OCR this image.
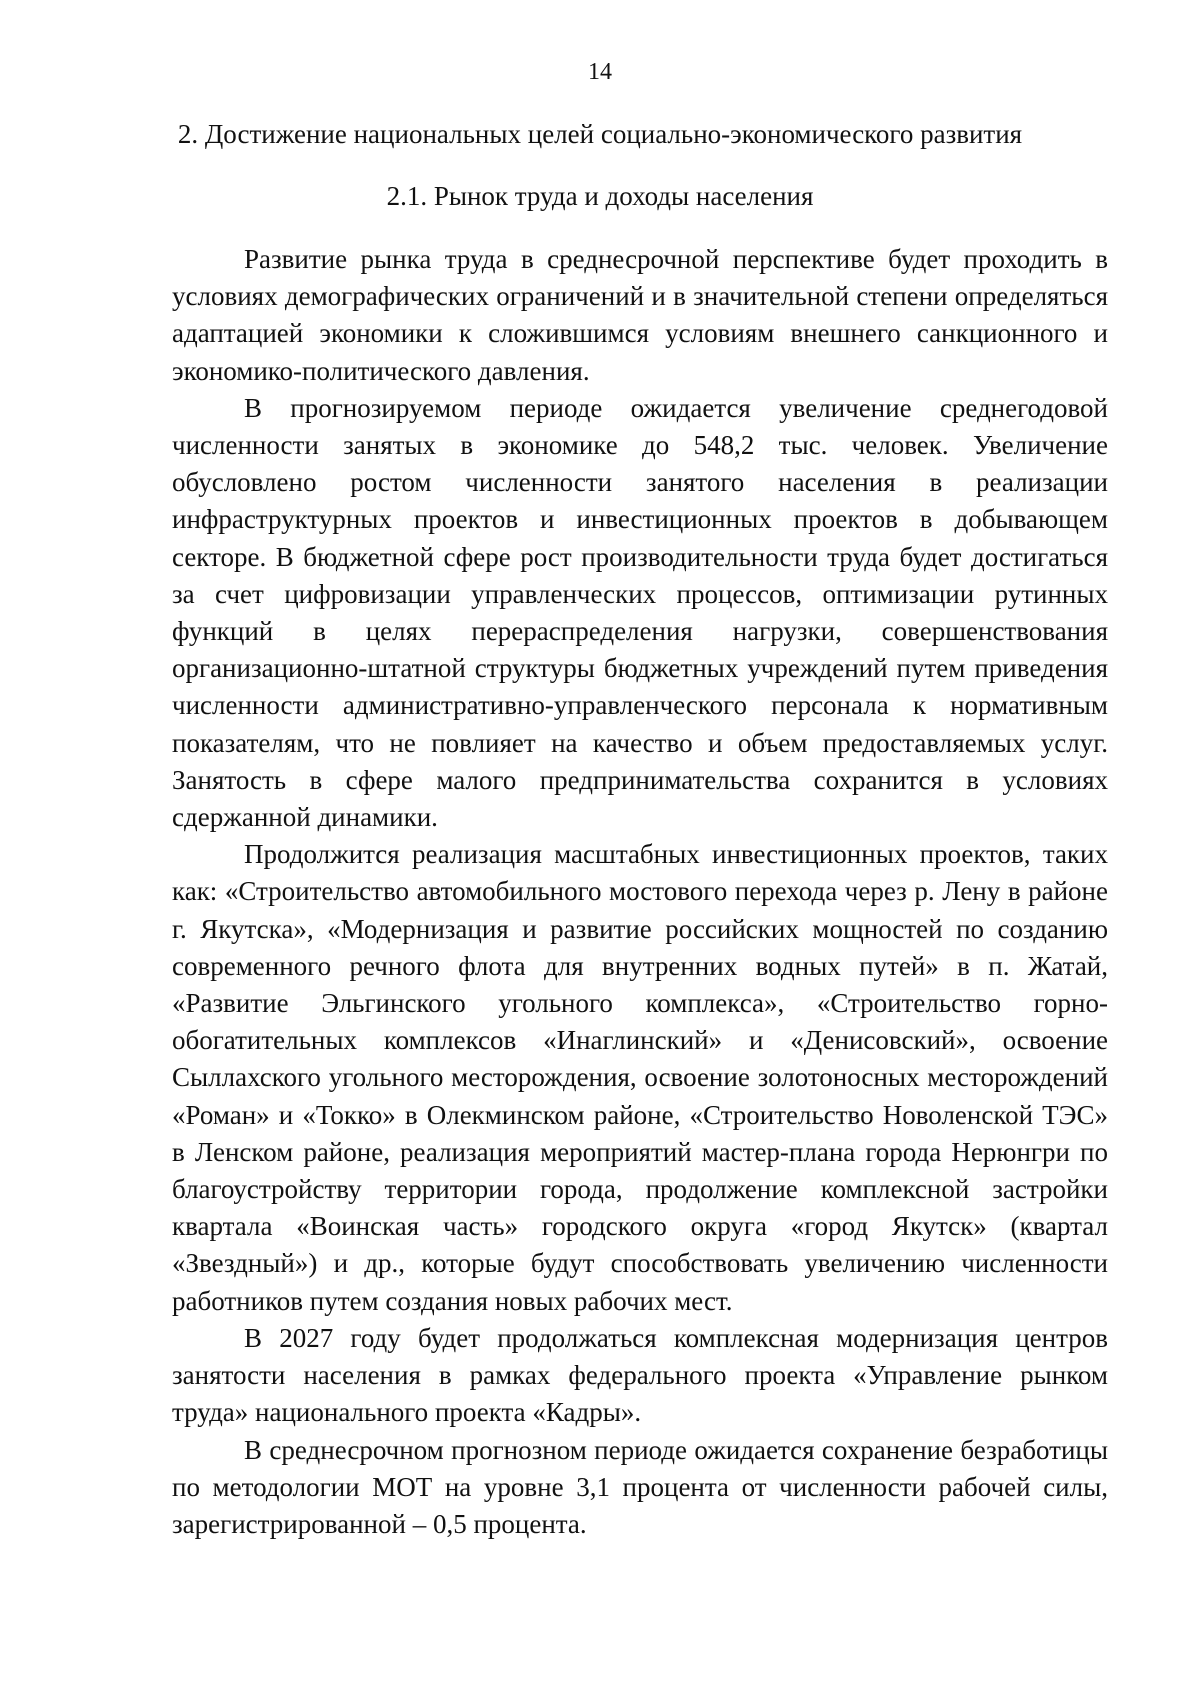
14
2. Достижение национальных целей социально-экономического развития
2.1. Рынок труда и доходы населения

Развитие рынка труда в среднесрочной перспективе будет проходить в условиях демографических ограничений и в значительной степени определяться адаптацией экономики к сложившимся условиям внешнего санкционного и экономико-политического давления.

В прогнозируемом периоде ожидается увеличение среднегодовой численности занятых в экономике до 548,2 тыс. человек. Увеличение обусловлено ростом численности занятого населения в реализации инфраструктурных проектов и инвестиционных проектов в добывающем секторе. В бюджетной сфере рост производительности труда будет достигаться за счет цифровизации управленческих процессов, оптимизации рутинных функций в целях перераспределения нагрузки, совершенствования организационно-штатной структуры бюджетных учреждений путем приведения численности административно-управленческого персонала к нормативным показателям, что не повлияет на качество и объем предоставляемых услуг. Занятость в сфере малого предпринимательства сохранится в условиях сдержанной динамики.

Продолжится реализация масштабных инвестиционных проектов, таких как: «Строительство автомобильного мостового перехода через р. Лену в районе г. Якутска», «Модернизация и развитие российских мощностей по созданию современного речного флота для внутренних водных путей» в п. Жатай, «Развитие Эльгинского угольного комплекса», «Строительство горно-обогатительных комплексов «Инаглинский» и «Денисовский», освоение Сыллахского угольного месторождения, освоение золотоносных месторождений «Роман» и «Токко» в Олекминском районе, «Строительство Новоленской ТЭС» в Ленском районе, реализация мероприятий мастер-плана города Нерюнгри по благоустройству территории города, продолжение комплексной застройки квартала «Воинская часть» городского округа «город Якутск» (квартал «Звездный») и др., которые будут способствовать увеличению численности работников путем создания новых рабочих мест.

В 2027 году будет продолжаться комплексная модернизация центров занятости населения в рамках федерального проекта «Управление рынком труда» национального проекта «Кадры».

В среднесрочном прогнозном периоде ожидается сохранение безработицы по методологии МОТ на уровне 3,1 процента от численности рабочей силы, зарегистрированной – 0,5 процента.
